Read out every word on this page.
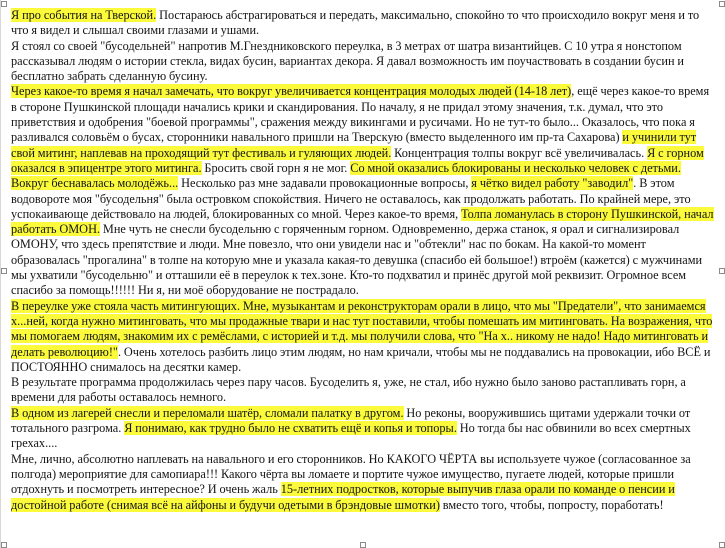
Я про события на Тверской. Постараюсь абстрагироваться и передать, максимально, спокойно то что происходило вокруг меня и то что я видел и слышал своими глазами и ушами.

Я стоял со своей "бусодельней" напротив М.Гнездниковского переулка, в 3 метрах от шатра византийцев. С 10 утра я нонстопом рассказывал людям о истории стекла, видах бусин, вариантах декора. Я давал возможность им поучаствовать в создании бусин и бесплатно забрать сделанную бусину.

Через какое-то время я начал замечать, что вокруг увеличивается концентрация молодых людей (14-18 лет), ещё через какое-то время в стороне Пушкинской площади начались крики и скандирования. По началу, я не придал этому значения, т.к. думал, что это приветствия и одобрения "боевой программы", сражения между викингами и русичами. Но не тут-то было... Оказалось, что пока я разливался соловьём о бусах, сторонники навального пришли на Тверскую (вместо выделенного им пр-та Сахарова) и учинили тут свой митинг, наплевав на проходящий тут фестиваль и гуляющих людей. Концентрация толпы вокруг всё увеличивалась. Я с горном оказался в эпицентре этого митинга. Бросить свой горн я не мог. Со мной оказались блокированы и несколько человек с детьми. Вокруг беснавалась молодёжь... Несколько раз мне задавали провокационные вопросы, я чётко видел работу "заводил". В этом водовороте моя "бусодельня" была островком спокойствия. Ничего не оставалось, как продолжать работать. По крайней мере, это успокаивающе действовало на людей, блокированных со мной. Через какое-то время, Толпа ломанулась в сторону Пушкинской, начал работать ОМОН. Мне чуть не снесли бусодельню с горяченным горном. Одновременно, держа станок, я орал и сигнализировал ОМОНУ, что здесь препятствие и люди. Мне повезло, что они увидели нас и "обтекли" нас по бокам. На какой-то момент образовалась "прогалина" в толпе на которую мне и указала какая-то девушка (спасибо ей большое!) втроём (кажется) с мужчинами мы ухватили "бусодельню" и отташили её в переулок к тех.зоне. Кто-то подхватил и принёс другой мой реквизит. Огромное всем спасибо за помощь!!!!!! Ни я, ни моё оборудование не пострадало.

В переулке уже стояла часть митингующих. Мне, музыкантам и реконструкторам орали в лицо, что мы "Предатели", что занимаемся х...ней, когда нужно митинговать, что мы продажные твари и нас тут поставили, чтобы помешать им митинговать. На возражения, что мы помогаем людям, знакомим их с ремёслами, с историей и т.д. мы получили слова, что "На х.. никому не надо! Надо митинговать и делать революцию!". Очень хотелось разбить лицо этим людям, но нам кричали, чтобы мы не поддавались на провокации, ибо ВСЁ и ПОСТОЯННО снималось на десятки камер.

В результате программа продолжилась через пару часов. Бусоделить я, уже, не стал, ибо нужно было заново растапливать горн, а времени для работы оставалось немного.

В одном из лагерей снесли и переломали шатёр, сломали палатку в другом. Но реконы, вооружившись щитами удержали точки от тотального разгрома. Я понимаю, как трудно было не схватить ещё и копья и топоры. Но тогда бы нас обвинили во всех смертных грехах....

Мне, лично, абсолютно наплевать на навального и его сторонников. Но КАКОГО ЧЁРТА вы используете чужое (согласованное за полгода) мероприятие для самопиара!!! Какого чёрта вы ломаете и портите чужое имущество, пугаете людей, которые пришли отдохнуть и посмотреть интересное? И очень жаль 15-летних подростков, которые выпучив глаза орали по команде о пенсии и достойной работе (снимая всё на айфоны и будучи одетыми в брэндовые шмотки) вместо того, чтобы, попросту, поработать!
